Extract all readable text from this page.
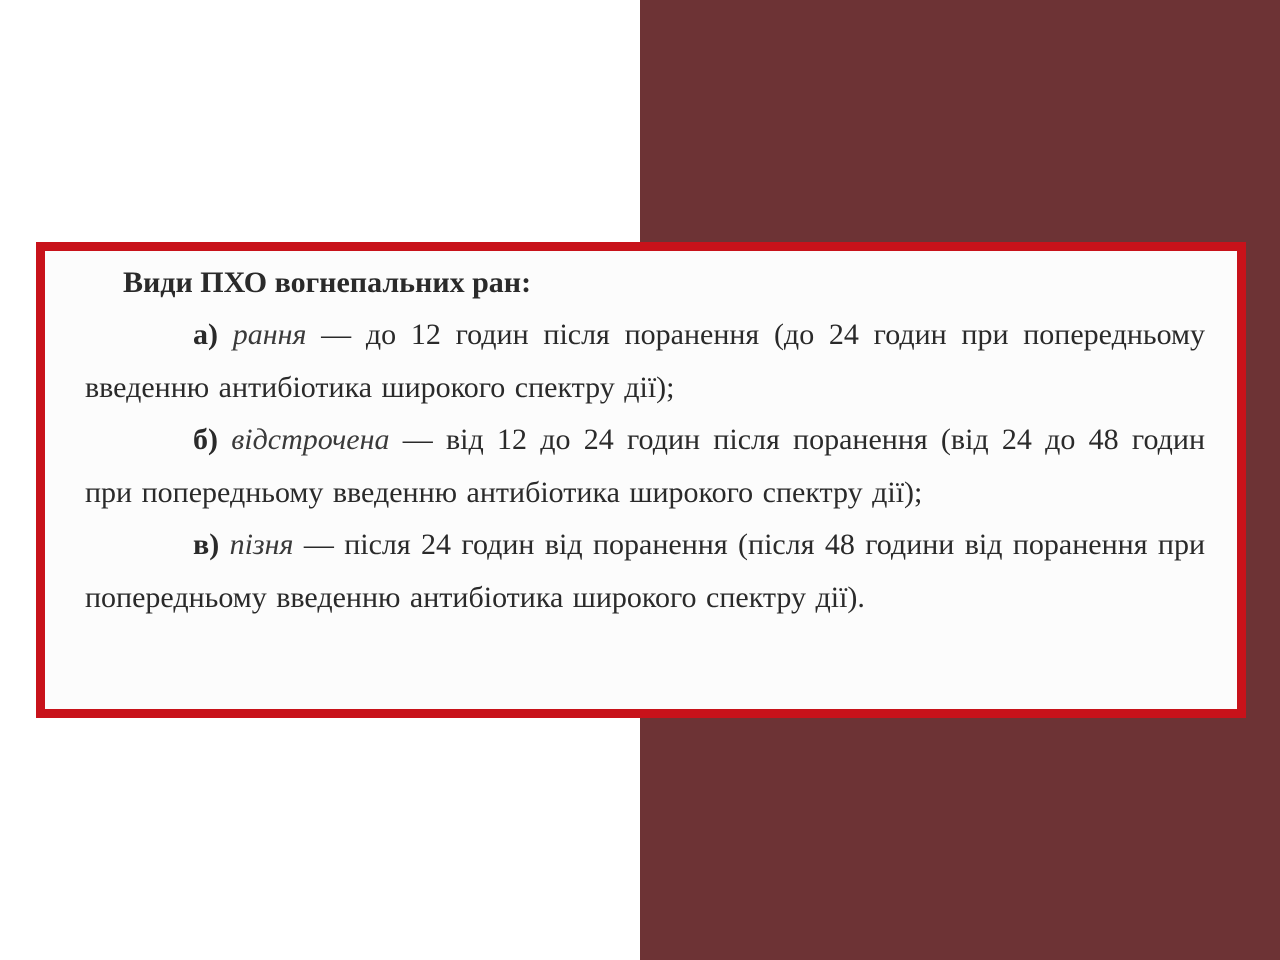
Види ПХО вогнепальних ран:

а) рання — до 12 годин після поранення (до 24 годин при попередньому введенню антибіотика широкого спектру дії);

б) відстрочена — від 12 до 24 годин після поранення (від 24 до 48 годин при попередньому введенню антибіотика широкого спектру дії);

в) пізня — після 24 годин від поранення (після 48 години від поранення при попередньому введенню антибіотика широкого спектру дії).
